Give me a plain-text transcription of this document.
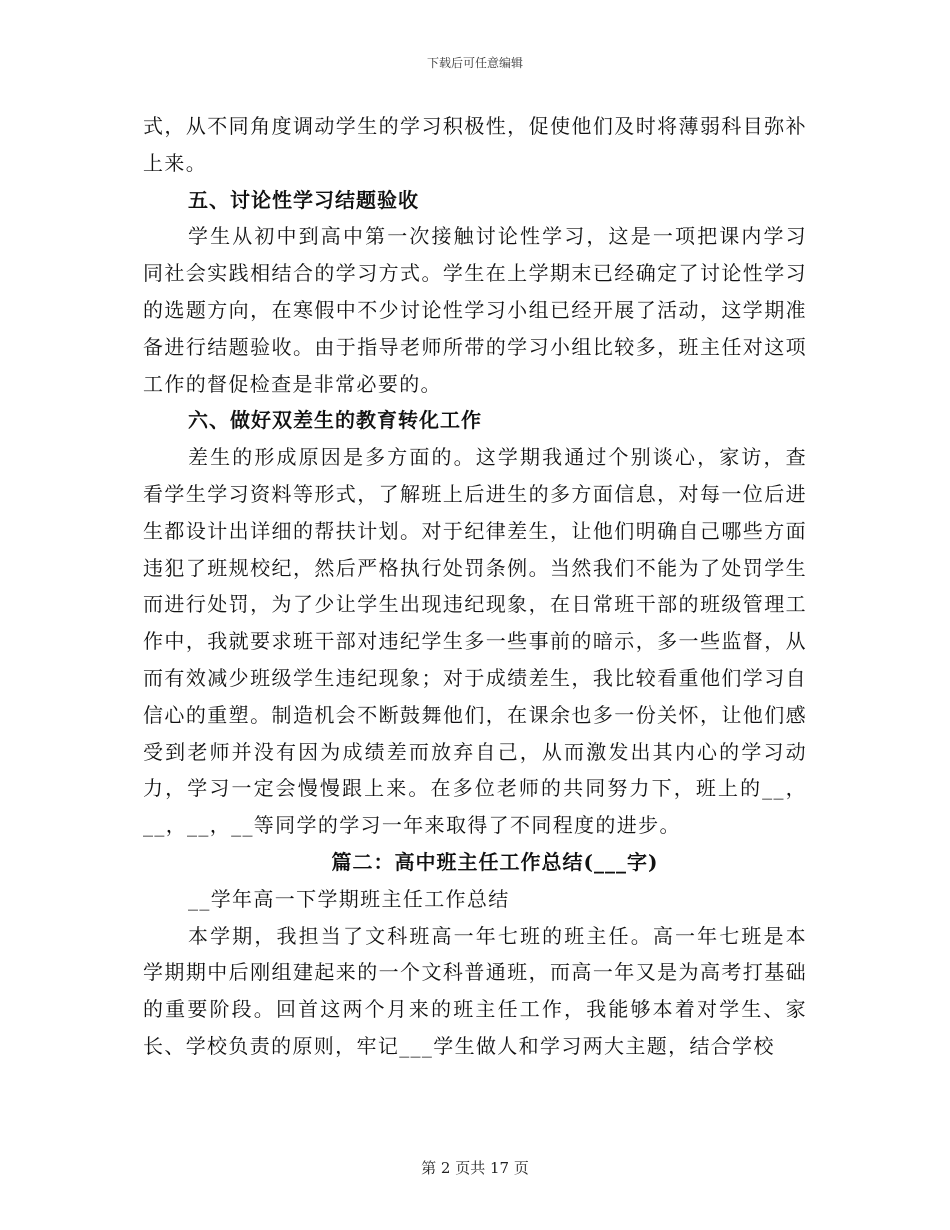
下载后可任意编辑

式，从不同角度调动学生的学习积极性，促使他们及时将薄弱科目弥补上来。

五、讨论性学习结题验收

学生从初中到高中第一次接触讨论性学习，这是一项把课内学习同社会实践相结合的学习方式。学生在上学期末已经确定了讨论性学习的选题方向，在寒假中不少讨论性学习小组已经开展了活动，这学期准备进行结题验收。由于指导老师所带的学习小组比较多，班主任对这项工作的督促检查是非常必要的。

六、做好双差生的教育转化工作

差生的形成原因是多方面的。这学期我通过个别谈心，家访，查看学生学习资料等形式，了解班上后进生的多方面信息，对每一位后进生都设计出详细的帮扶计划。对于纪律差生，让他们明确自己哪些方面违犯了班规校纪，然后严格执行处罚条例。当然我们不能为了处罚学生而进行处罚，为了少让学生出现违纪现象，在日常班干部的班级管理工作中，我就要求班干部对违纪学生多一些事前的暗示，多一些监督，从而有效减少班级学生违纪现象；对于成绩差生，我比较看重他们学习自信心的重塑。制造机会不断鼓舞他们，在课余也多一份关怀，让他们感受到老师并没有因为成绩差而放弃自己，从而激发出其内心的学习动力，学习一定会慢慢跟上来。在多位老师的共同努力下，班上的__，__，__，__等同学的学习一年来取得了不同程度的进步。

篇二：高中班主任工作总结(___字)

__学年高一下学期班主任工作总结

本学期，我担当了文科班高一年七班的班主任。高一年七班是本学期期中后刚组建起来的一个文科普通班，而高一年又是为高考打基础的重要阶段。回首这两个月来的班主任工作，我能够本着对学生、家长、学校负责的原则，牢记___学生做人和学习两大主题，结合学校

第 2 页共 17 页
